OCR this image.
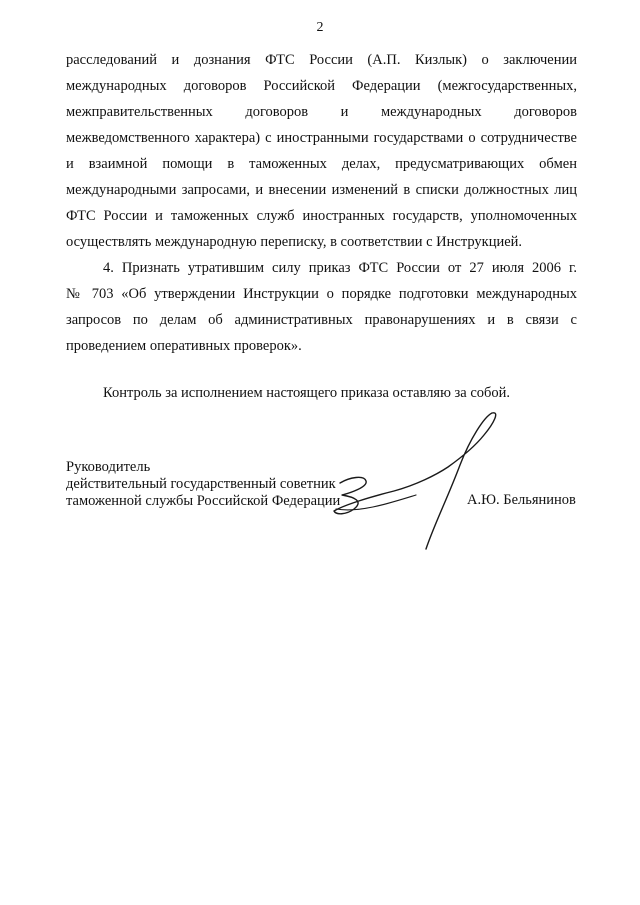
2
расследований и дознания ФТС России (А.П. Кизлык) о заключении
международных договоров Российской Федерации (межгосударственных,
межправительственных договоров и международных договоров
межведомственного характера) с иностранными государствами о сотрудничестве
и взаимной помощи в таможенных делах, предусматривающих обмен
международными запросами, и внесении изменений в списки должностных лиц
ФТС России и таможенных служб иностранных государств, уполномоченных
осуществлять международную переписку, в соответствии с Инструкцией.
4. Признать утратившим силу приказ ФТС России от 27 июля 2006 г.
№ 703 «Об утверждении Инструкции о порядке подготовки международных
запросов по делам об административных правонарушениях и в связи с
проведением оперативных проверок».
Контроль за исполнением настоящего приказа оставляю за собой.
Руководитель
действительный государственный советник
таможенной службы Российской Федерации	А.Ю. Бельянинов
